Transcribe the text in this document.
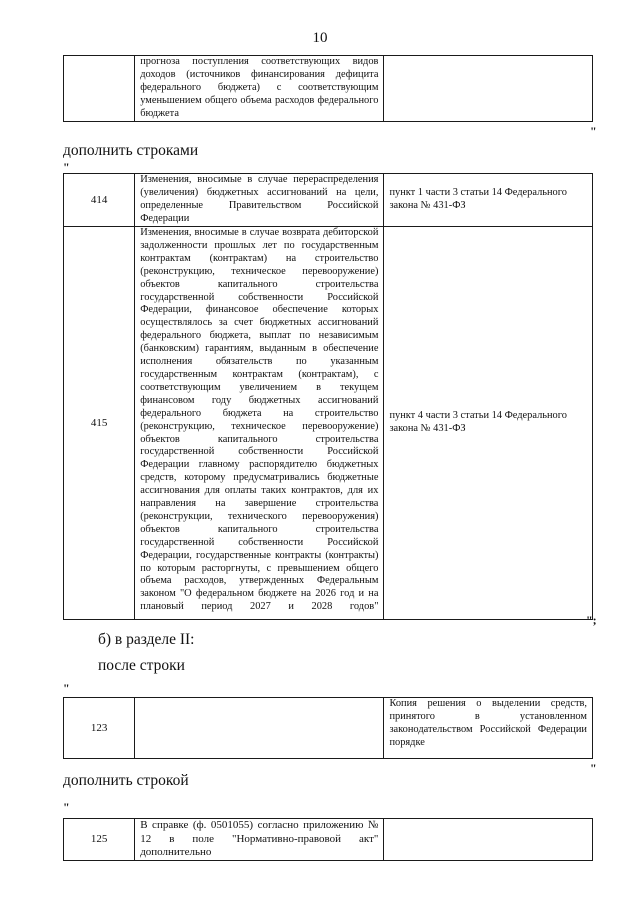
10
	прогноза поступления соответствующих видов доходов (источников финансирования дефицита федерального бюджета) с соответствующим уменьшением общего объема расходов федерального бюджета	
"
дополнить строками
"
414	Изменения, вносимые в случае перераспределения (увеличения) бюджетных ассигнований на цели, определенные Правительством Российской Федерации	пункт 1 части 3 статьи 14 Федерального закона № 431-ФЗ
415	Изменения, вносимые в случае возврата дебиторской задолженности прошлых лет по государственным контрактам (контрактам) на строительство (реконструкцию, техническое перевооружение) объектов капитального строительства государственной собственности Российской Федерации, финансовое обеспечение которых осуществлялось за счет бюджетных ассигнований федерального бюджета, выплат по независимым (банковским) гарантиям, выданным в обеспечение исполнения обязательств по указанным государственным контрактам (контрактам), с соответствующим увеличением в текущем финансовом году бюджетных ассигнований федерального бюджета на строительство (реконструкцию, техническое перевооружение) объектов капитального строительства государственной собственности Российской Федерации главному распорядителю бюджетных средств, которому предусматривались бюджетные ассигнования для оплаты таких контрактов, для их направления на завершение строительства (реконструкции, технического перевооружения) объектов капитального строительства государственной собственности Российской Федерации, государственные контракты (контракты) по которым расторгнуты, с превышением общего объема расходов, утвержденных Федеральным законом "О федеральном бюджете на 2026 год и на плановый период 2027 и 2028 годов"	пункт 4 части 3 статьи 14 Федерального закона № 431-ФЗ
";
б) в разделе II:
после строки
"
123		Копия решения о выделении средств, принятого в установленном законодательством Российской Федерации порядке
"
дополнить строкой
"
125	В справке (ф. 0501055) согласно приложению № 12 в поле "Нормативно-правовой акт" дополнительно	
